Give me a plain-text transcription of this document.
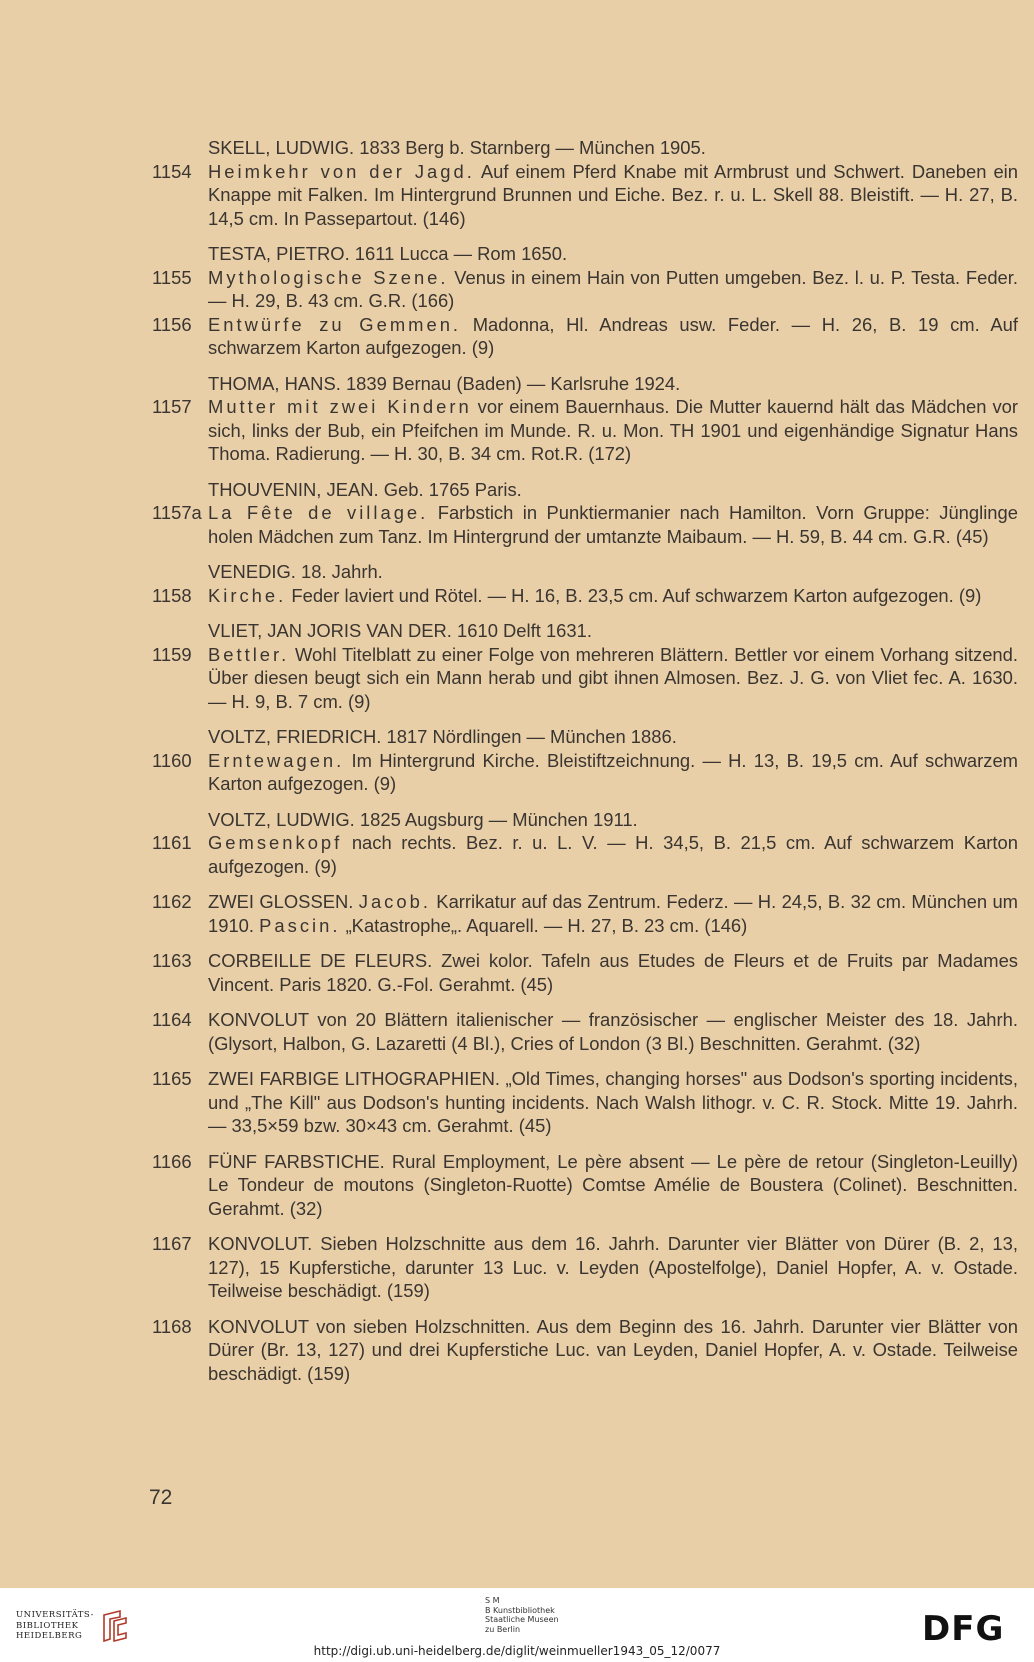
SKELL, LUDWIG. 1833 Berg b. Starnberg — München 1905.
1154 Heimkehr von der Jagd. Auf einem Pferd Knabe mit Armbrust und Schwert. Daneben ein Knappe mit Falken. Im Hintergrund Brunnen und Eiche. Bez. r. u. L. Skell 88. Bleistift. — H. 27, B. 14,5 cm. In Passepartout. (146)
TESTA, PIETRO. 1611 Lucca — Rom 1650.
1155 Mythologische Szene. Venus in einem Hain von Putten umgeben. Bez. l. u. P. Testa. Feder. — H. 29, B. 43 cm. G.R. (166)
1156 Entwürfe zu Gemmen. Madonna, Hl. Andreas usw. Feder. — H. 26, B. 19 cm. Auf schwarzem Karton aufgezogen. (9)
THOMA, HANS. 1839 Bernau (Baden) — Karlsruhe 1924.
1157 Mutter mit zwei Kindern vor einem Bauernhaus. Die Mutter kauernd hält das Mädchen vor sich, links der Bub, ein Pfeifchen im Munde. R. u. Mon. TH 1901 und eigenhändige Signatur Hans Thoma. Radierung. — H. 30, B. 34 cm. Rot.R. (172)
THOUVENIN, JEAN. Geb. 1765 Paris.
1157a La Fête de village. Farbstich in Punktiermanier nach Hamilton. Vorn Gruppe: Jünglinge holen Mädchen zum Tanz. Im Hintergrund der umtanzte Maibaum. — H. 59, B. 44 cm. G.R. (45)
VENEDIG. 18. Jahrh.
1158 Kirche. Feder laviert und Rötel. — H. 16, B. 23,5 cm. Auf schwarzem Karton aufgezogen. (9)
VLIET, JAN JORIS VAN DER. 1610 Delft 1631.
1159 Bettler. Wohl Titelblatt zu einer Folge von mehreren Blättern. Bettler vor einem Vorhang sitzend. Über diesen beugt sich ein Mann herab und gibt ihnen Almosen. Bez. J. G. von Vliet fec. A. 1630. — H. 9, B. 7 cm. (9)
VOLTZ, FRIEDRICH. 1817 Nördlingen — München 1886.
1160 Erntewagen. Im Hintergrund Kirche. Bleistiftzeichnung. — H. 13, B. 19,5 cm. Auf schwarzem Karton aufgezogen. (9)
VOLTZ, LUDWIG. 1825 Augsburg — München 1911.
1161 Gemsenkopf nach rechts. Bez. r. u. L. V. — H. 34,5, B. 21,5 cm. Auf schwarzem Karton aufgezogen. (9)
1162 ZWEI GLOSSEN. Jacob. Karrikatur auf das Zentrum. Federz. — H. 24,5, B. 32 cm. München um 1910. Pascin. „Katastrophe„. Aquarell. — H. 27, B. 23 cm. (146)
1163 CORBEILLE DE FLEURS. Zwei kolor. Tafeln aus Etudes de Fleurs et de Fruits par Madames Vincent. Paris 1820. G.-Fol. Gerahmt. (45)
1164 KONVOLUT von 20 Blättern italienischer — französischer — englischer Meister des 18. Jahrh. (Glysort, Halbon, G. Lazaretti (4 Bl.), Cries of London (3 Bl.) Beschnitten. Gerahmt. (32)
1165 ZWEI FARBIGE LITHOGRAPHIEN. „Old Times, changing horses" aus Dodson's sporting incidents, und „The Kill" aus Dodson's hunting incidents. Nach Walsh lithogr. v. C. R. Stock. Mitte 19. Jahrh. — 33,5×59 bzw. 30×43 cm. Gerahmt. (45)
1166 FÜNF FARBSTICHE. Rural Employment, Le père absent — Le père de retour (Singleton-Leuilly) Le Tondeur de moutons (Singleton-Ruotte) Comtse Amélie de Boustera (Colinet). Beschnitten. Gerahmt. (32)
1167 KONVOLUT. Sieben Holzschnitte aus dem 16. Jahrh. Darunter vier Blätter von Dürer (B. 2, 13, 127), 15 Kupferstiche, darunter 13 Luc. v. Leyden (Apostelfolge), Daniel Hopfer, A. v. Ostade. Teilweise beschädigt. (159)
1168 KONVOLUT von sieben Holzschnitten. Aus dem Beginn des 16. Jahrh. Darunter vier Blätter von Dürer (Br. 13, 127) und drei Kupferstiche Luc. van Leyden, Daniel Hopfer, A. v. Ostade. Teilweise beschädigt. (159)
72
UNIVERSITÄTS-
BIBLIOTHEK
HEIDELBERG
S M
B Kunstbibliothek
Staatliche Museen
zu Berlin	DFG
http://digi.ub.uni-heidelberg.de/diglit/weinmueller1943_05_12/0077
